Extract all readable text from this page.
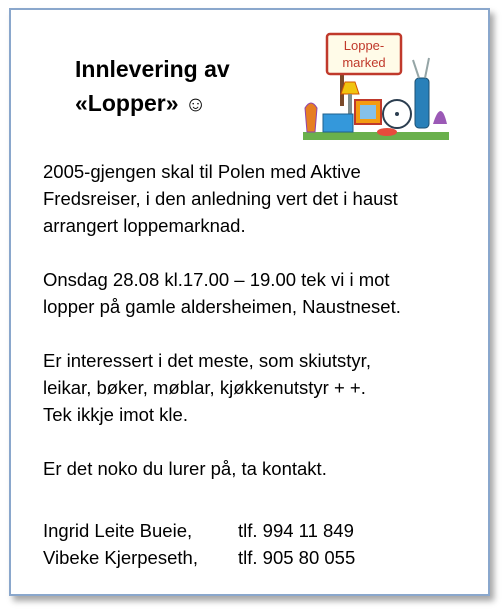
Innlevering av
«Lopper» ☺
Loppe-
marked

2005-gjengen skal til Polen med Aktive
Fredsreiser, i den anledning vert det i haust
arrangert loppemarknad.

Onsdag 28.08 kl.17.00 – 19.00 tek vi i mot
lopper på gamle aldersheimen, Naustneset.

Er interessert i det meste, som skiutstyr,
leikar, bøker, møblar, kjøkkenutstyr + +.
Tek ikkje imot kle.

Er det noko du lurer på, ta kontakt.

Ingrid Leite Bueie,	tlf. 994 11 849
Vibeke Kjerpeseth,	tlf. 905 80 055
